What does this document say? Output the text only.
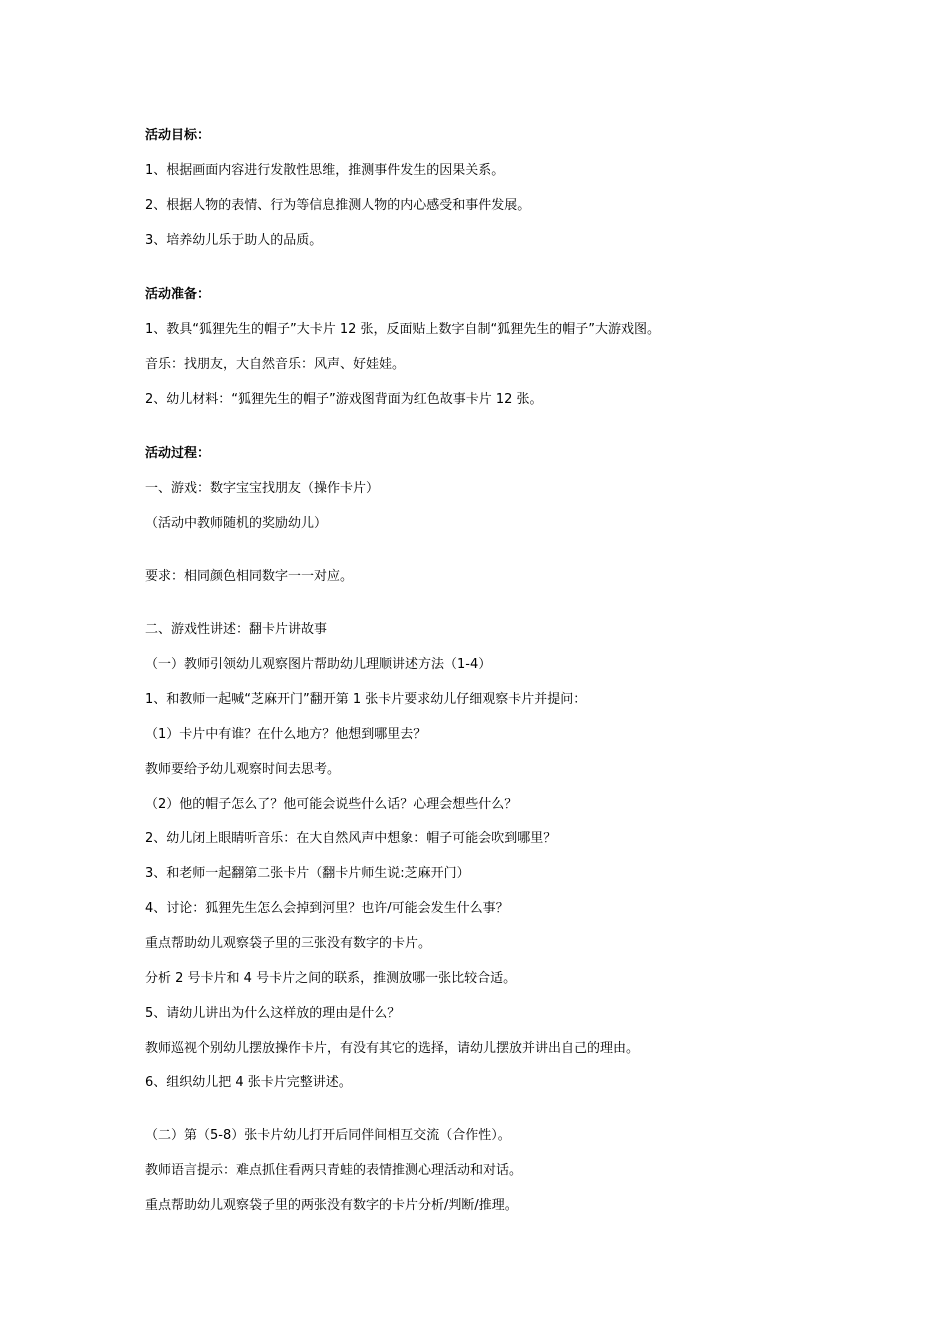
活动目标：
1、根据画面内容进行发散性思维，推测事件发生的因果关系。
2、根据人物的表情、行为等信息推测人物的内心感受和事件发展。
3、培养幼儿乐于助人的品质。
活动准备：
1、教具“狐狸先生的帽子”大卡片 12 张，反面贴上数字自制“狐狸先生的帽子”大游戏图。
音乐：找朋友，大自然音乐：风声、好娃娃。
2、幼儿材料：“狐狸先生的帽子”游戏图背面为红色故事卡片 12 张。
活动过程：
一、游戏：数字宝宝找朋友（操作卡片）
（活动中教师随机的奖励幼儿）
要求：相同颜色相同数字一一对应。
二、游戏性讲述：翻卡片讲故事
（一）教师引领幼儿观察图片帮助幼儿理顺讲述方法（1-4）
1、和教师一起喊“芝麻开门”翻开第 1 张卡片要求幼儿仔细观察卡片并提问：
（1）卡片中有谁？在什么地方？他想到哪里去？
教师要给予幼儿观察时间去思考。
（2）他的帽子怎么了？他可能会说些什么话？心理会想些什么？
2、幼儿闭上眼睛听音乐：在大自然风声中想象：帽子可能会吹到哪里？
3、和老师一起翻第二张卡片（翻卡片师生说:芝麻开门）
4、讨论：狐狸先生怎么会掉到河里？也许/可能会发生什么事？
重点帮助幼儿观察袋子里的三张没有数字的卡片。
分析 2 号卡片和 4 号卡片之间的联系，推测放哪一张比较合适。
5、请幼儿讲出为什么这样放的理由是什么？
教师巡视个别幼儿摆放操作卡片，有没有其它的选择，请幼儿摆放并讲出自己的理由。
6、组织幼儿把 4 张卡片完整讲述。
（二）第（5-8）张卡片幼儿打开后同伴间相互交流（合作性）。
教师语言提示：难点抓住看两只青蛙的表情推测心理活动和对话。
重点帮助幼儿观察袋子里的两张没有数字的卡片分析/判断/推理。
